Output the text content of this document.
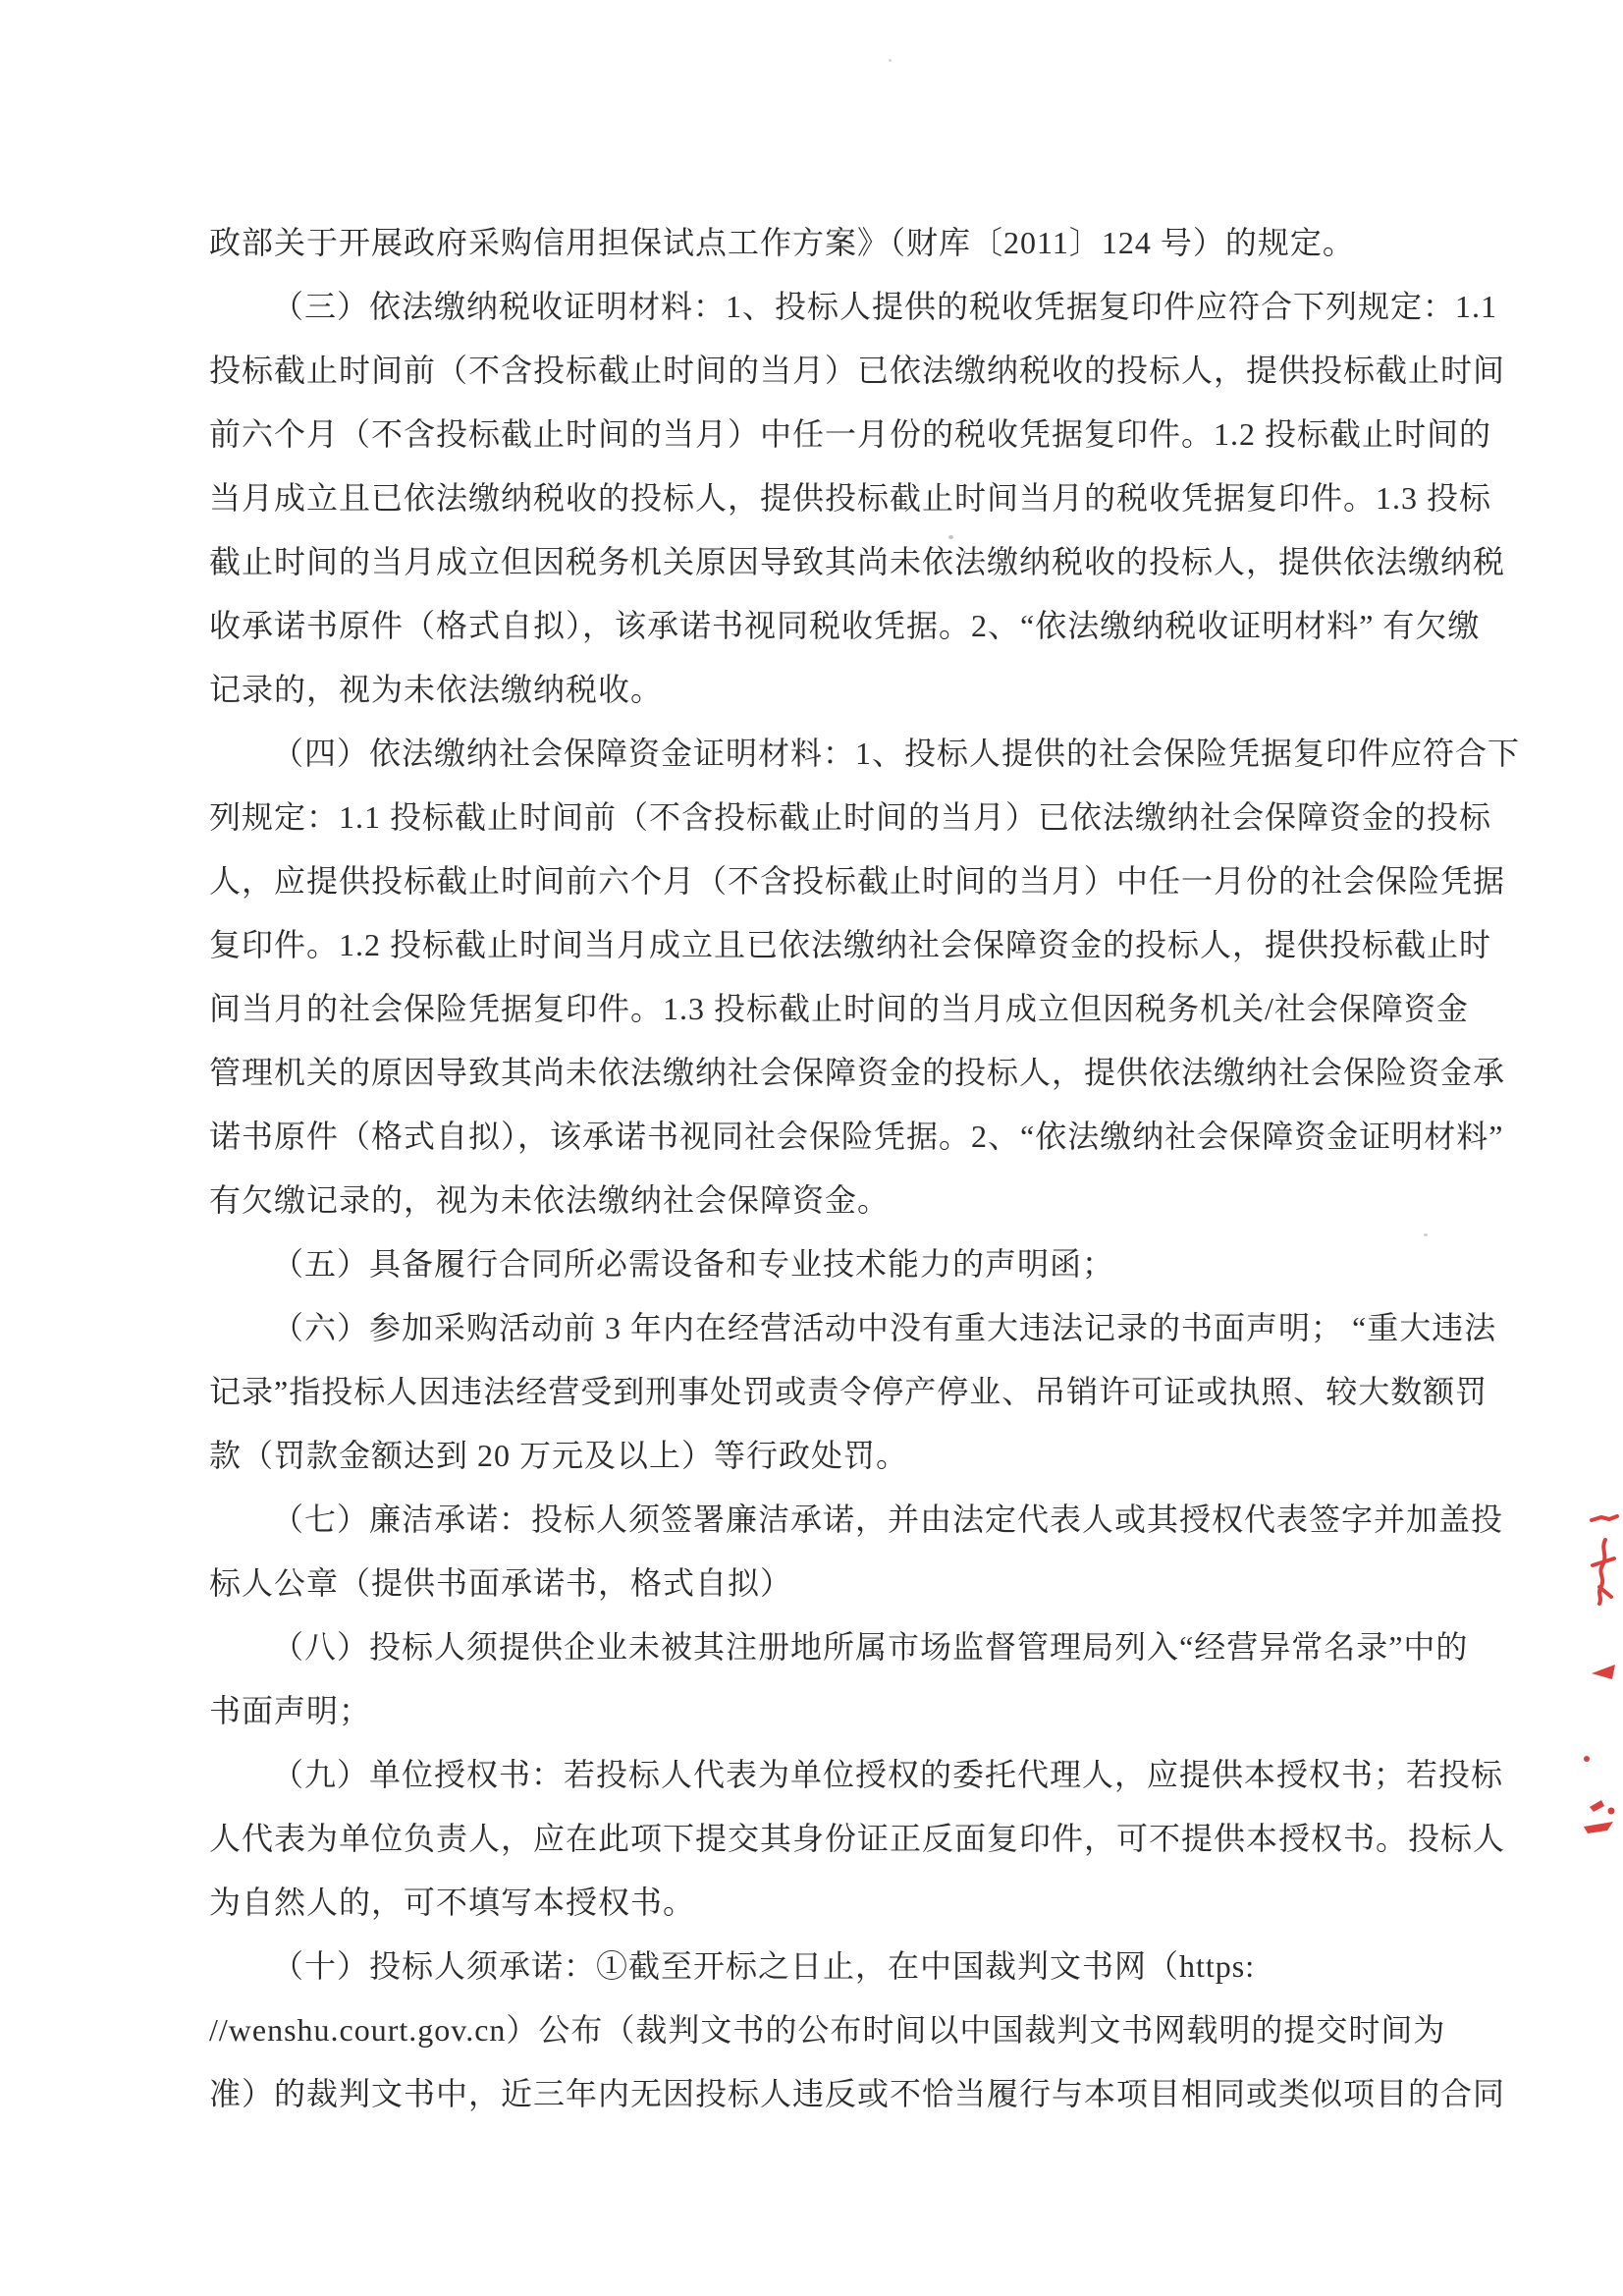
政部关于开展政府采购信用担保试点工作方案》（财库〔2011〕124 号）的规定。
（三）依法缴纳税收证明材料：1、投标人提供的税收凭据复印件应符合下列规定：1.1
投标截止时间前（不含投标截止时间的当月）已依法缴纳税收的投标人，提供投标截止时间
前六个月（不含投标截止时间的当月）中任一月份的税收凭据复印件。1.2 投标截止时间的
当月成立且已依法缴纳税收的投标人，提供投标截止时间当月的税收凭据复印件。1.3 投标
截止时间的当月成立但因税务机关原因导致其尚未依法缴纳税收的投标人，提供依法缴纳税
收承诺书原件（格式自拟），该承诺书视同税收凭据。2、“依法缴纳税收证明材料” 有欠缴
记录的，视为未依法缴纳税收。
（四）依法缴纳社会保障资金证明材料：1、投标人提供的社会保险凭据复印件应符合下
列规定：1.1 投标截止时间前（不含投标截止时间的当月）已依法缴纳社会保障资金的投标
人，应提供投标截止时间前六个月（不含投标截止时间的当月）中任一月份的社会保险凭据
复印件。1.2 投标截止时间当月成立且已依法缴纳社会保障资金的投标人，提供投标截止时
间当月的社会保险凭据复印件。1.3 投标截止时间的当月成立但因税务机关/社会保障资金
管理机关的原因导致其尚未依法缴纳社会保障资金的投标人，提供依法缴纳社会保险资金承
诺书原件（格式自拟），该承诺书视同社会保险凭据。2、“依法缴纳社会保障资金证明材料”
有欠缴记录的，视为未依法缴纳社会保障资金。
（五）具备履行合同所必需设备和专业技术能力的声明函；
（六）参加采购活动前 3 年内在经营活动中没有重大违法记录的书面声明； “重大违法
记录”指投标人因违法经营受到刑事处罚或责令停产停业、吊销许可证或执照、较大数额罚
款（罚款金额达到 20 万元及以上）等行政处罚。
（七）廉洁承诺：投标人须签署廉洁承诺，并由法定代表人或其授权代表签字并加盖投
标人公章（提供书面承诺书，格式自拟）
（八）投标人须提供企业未被其注册地所属市场监督管理局列入“经营异常名录”中的
书面声明；
（九）单位授权书：若投标人代表为单位授权的委托代理人，应提供本授权书；若投标
人代表为单位负责人，应在此项下提交其身份证正反面复印件，可不提供本授权书。投标人
为自然人的，可不填写本授权书。
（十）投标人须承诺：①截至开标之日止，在中国裁判文书网（https:
//wenshu.court.gov.cn）公布（裁判文书的公布时间以中国裁判文书网载明的提交时间为
准）的裁判文书中，近三年内无因投标人违反或不恰当履行与本项目相同或类似项目的合同
